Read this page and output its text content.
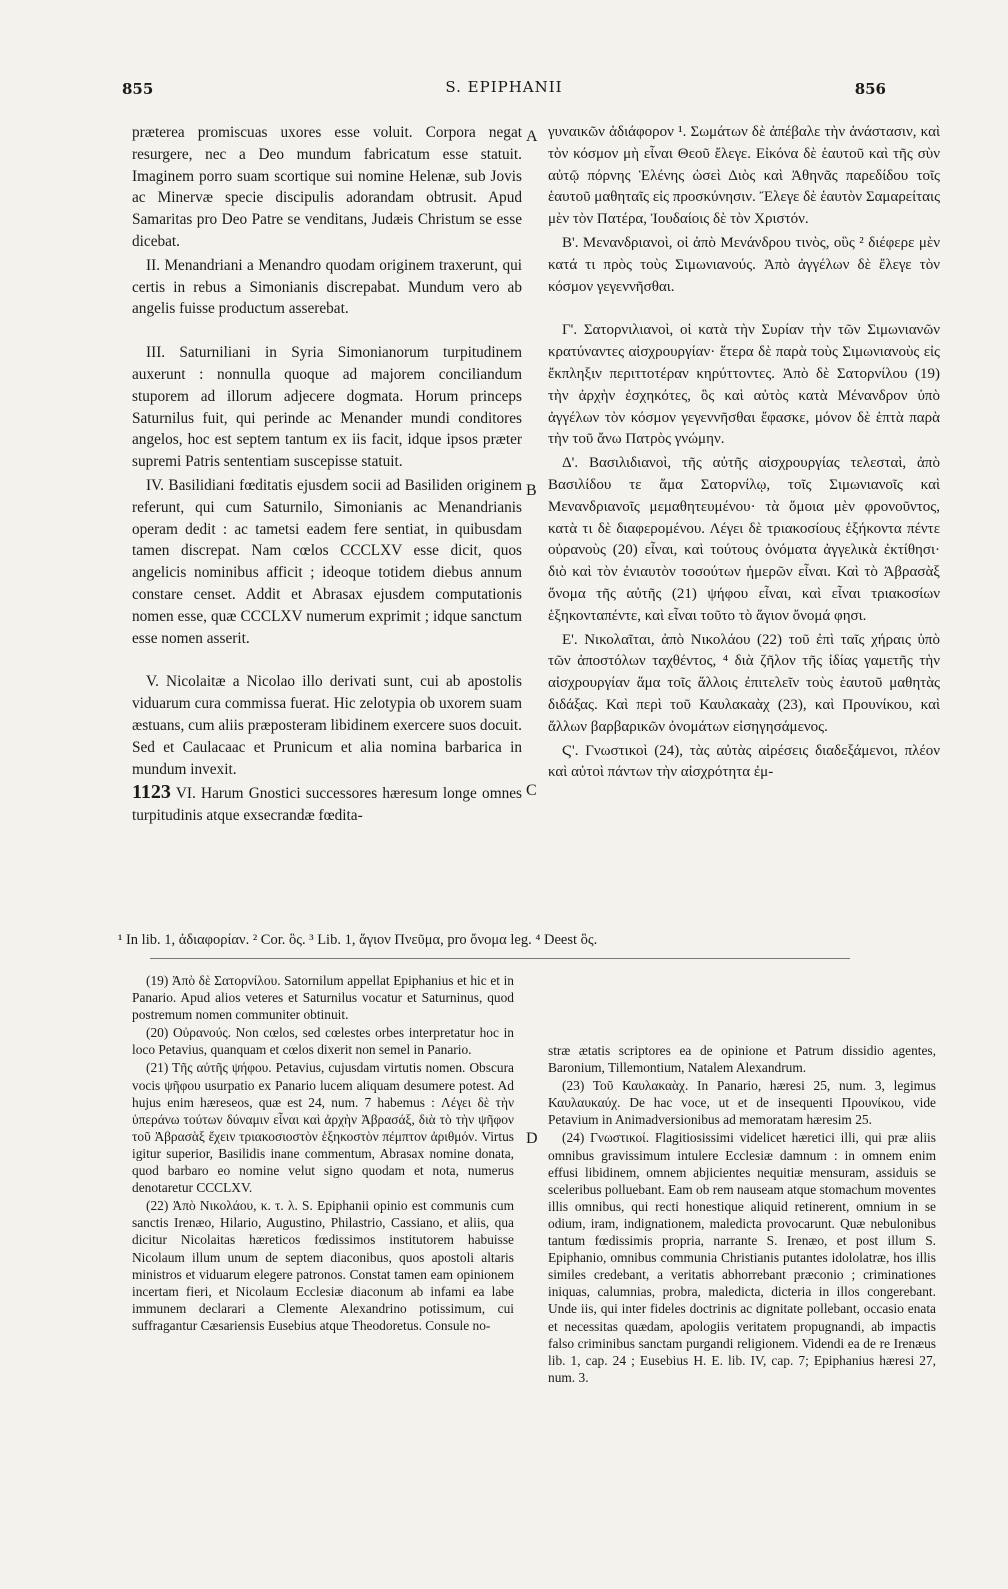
855	S. EPIPHANII	856

præterea promiscuas uxores esse voluit. Corpora negat resurgere, nec a Deo mundum fabricatum esse statuit. Imaginem porro suam scortique sui nomine Helenæ, sub Jovis ac Minervæ specie discipulis adorandam obtrusit. Apud Samaritas pro Deo Patre se venditans, Judæis Christum se esse dicebat.

II. Menandriani a Menandro quodam originem traxerunt, qui certis in rebus a Simonianis discrepabat. Mundum vero ab angelis fuisse productum asserebat.

III. Saturniliani in Syria Simonianorum turpitudinem auxerunt : nonnulla quoque ad majorem conciliandum stuporem ad illorum adjecere dogmata. Horum princeps Saturnilus fuit, qui perinde ac Menander mundi conditores angelos, hoc est septem tantum ex iis facit, idque ipsos præter supremi Patris sententiam suscepisse statuit.

IV. Basilidiani fœditatis ejusdem socii ad Basiliden originem referunt, qui cum Saturnilo, Simonianis ac Menandrianis operam dedit : ac tametsi eadem fere sentiat, in quibusdam tamen discrepat. Nam cœlos CCCLXV esse dicit, quos angelicis nominibus afficit ; ideoque totidem diebus annum constare censet. Addit et Abrasax ejusdem computationis nomen esse, quæ CCCLXV numerum exprimit ; idque sanctum esse nomen asserit.

V. Nicolaitæ a Nicolao illo derivati sunt, cui ab apostolis viduarum cura commissa fuerat. Hic zelotypia ob uxorem suam æstuans, cum aliis præposteram libidinem exercere suos docuit. Sed et Caulacaac et Prunicum et alia nomina barbarica in mundum invexit.

1123 VI. Harum Gnostici successores hæresum longe omnes turpitudinis atque exsecrandæ fœdita-

A
B
C
D

γυναικῶν ἀδιάφορον ¹. Σωμάτων δὲ ἀπέβαλε τὴν ἀνάστασιν, καὶ τὸν κόσμον μὴ εἶναι Θεοῦ ἔλεγε. Εἰκόνα δὲ ἑαυτοῦ καὶ τῆς σὺν αὐτῷ πόρνης Ἑλένης ὡσεὶ Διὸς καὶ Ἀθηνᾶς παρεδίδου τοῖς ἑαυτοῦ μαθηταῖς εἰς προσκύνησιν. Ἔλεγε δὲ ἑαυτὸν Σαμαρείταις μὲν τὸν Πατέρα, Ἰουδαίοις δὲ τὸν Χριστόν.

Β'. Μενανδριανοὶ, οἱ ἀπὸ Μενάνδρου τινὸς, οὓς ² διέφερε μὲν κατά τι πρὸς τοὺς Σιμωνιανούς. Ἀπὸ ἀγγέλων δὲ ἔλεγε τὸν κόσμον γεγεννῆσθαι.

Γ'. Σατορνιλιανοὶ, οἱ κατὰ τὴν Συρίαν τὴν τῶν Σιμωνιανῶν κρατύναντες αἰσχρουργίαν· ἕτερα δὲ παρὰ τοὺς Σιμωνιανοὺς εἰς ἔκπληξιν περιττοτέραν κηρύττοντες. Ἀπὸ δὲ Σατορνίλου (19) τὴν ἀρχὴν ἐσχηκότες, ὃς καὶ αὐτὸς κατὰ Μένανδρον ὑπὸ ἀγγέλων τὸν κόσμον γεγεννῆσθαι ἔφασκε, μόνον δὲ ἑπτὰ παρὰ τὴν τοῦ ἄνω Πατρὸς γνώμην.

Δ'. Βασιλιδιανοὶ, τῆς αὐτῆς αἰσχρουργίας τελεσταὶ, ἀπὸ Βασιλίδου τε ἅμα Σατορνίλῳ, τοῖς Σιμωνιανοῖς καὶ Μενανδριανοῖς μεμαθητευμένου· τὰ ὅμοια μὲν φρονοῦντος, κατὰ τι δὲ διαφερομένου. Λέγει δὲ τριακοσίους ἑξήκοντα πέντε οὐρανοὺς (20) εἶναι, καὶ τούτους ὀνόματα ἀγγελικὰ ἐκτίθησι· διὸ καὶ τὸν ἐνιαυτὸν τοσούτων ἡμερῶν εἶναι. Καὶ τὸ Ἀβρασὰξ ὄνομα τῆς αὐτῆς (21) ψήφου εἶναι, καὶ εἶναι τριακοσίων ἑξηκονταπέντε, καὶ εἶναι τοῦτο τὸ ἅγιον ὄνομά φησι.

Ε'. Νικολαῖται, ἀπὸ Νικολάου (22) τοῦ ἐπὶ ταῖς χήραις ὑπὸ τῶν ἀποστόλων ταχθέντος, ⁴ διὰ ζῆλον τῆς ἰδίας γαμετῆς τὴν αἰσχρουργίαν ἅμα τοῖς ἄλλοις ἐπιτελεῖν τοὺς ἑαυτοῦ μαθητὰς διδάξας. Καὶ περὶ τοῦ Καυλακαὰχ (23), καὶ Προυνίκου, καὶ ἄλλων βαρβαρικῶν ὀνομάτων εἰσηγησάμενος.

Ϛ'. Γνωστικοὶ (24), τὰς αὐτὰς αἱρέσεις διαδεξάμενοι, πλέον καὶ αὐτοὶ πάντων τὴν αἰσχρότητα ἐμ-

¹ In lib. 1, ἀδιαφορίαν. ² Cor. ὃς. ³ Lib. 1, ἅγιον Πνεῦμα, pro ὄνομα leg. ⁴ Deest ὃς.

(19) Ἀπὸ δὲ Σατορνίλου. Satornilum appellat Epiphanius et hic et in Panario. Apud alios veteres et Saturnilus vocatur et Saturninus, quod postremum nomen communiter obtinuit.

(20) Οὐρανούς. Non cœlos, sed cœlestes orbes interpretatur hoc in loco Petavius, quanquam et cœlos dixerit non semel in Panario.

(21) Τῆς αὐτῆς ψήφου. Petavius, cujusdam virtutis nomen. Obscura vocis ψῆφου usurpatio ex Panario lucem aliquam desumere potest. Ad hujus enim hæreseos, quæ est 24, num. 7 habemus : Λέγει δὲ τὴν ὑπεράνω τούτων δύναμιν εἶναι καὶ ἀρχὴν Ἀβρασάξ, διὰ τὸ τὴν ψῆφον τοῦ Ἀβρασὰξ ἔχειν τριακοσιοστὸν ἑξηκοστὸν πέμπτον ἀριθμόν. Virtus igitur superior, Basilidis inane commentum, Abrasax nomine donata, quod barbaro eo nomine velut signo quodam et nota, numerus denotaretur CCCLXV.

(22) Ἀπὸ Νικολάου, κ. τ. λ. S. Epiphanii opinio est communis cum sanctis Irenæo, Hilario, Augustino, Philastrio, Cassiano, et aliis, qua dicitur Nicolaitas hæreticos fœdissimos institutorem habuisse Nicolaum illum unum de septem diaconibus, quos apostoli altaris ministros et viduarum elegere patronos. Constat tamen eam opinionem incertam fieri, et Nicolaum Ecclesiæ diaconum ab infami ea labe immunem declarari a Clemente Alexandrino potissimum, cui suffragantur Cæsariensis Eusebius atque Theodoretus. Consule no-

stræ ætatis scriptores ea de opinione et Patrum dissidio agentes, Baronium, Tillemontium, Natalem Alexandrum.

(23) Τοῦ Καυλακαὰχ. In Panario, hæresi 25, num. 3, legimus Καυλαυκαύχ. De hac voce, ut et de insequenti Προυνίκου, vide Petavium in Animadversionibus ad memoratam hæresim 25.

(24) Γνωστικοί. Flagitiosissimi videlicet hæretici illi, qui præ aliis omnibus gravissimum intulere Ecclesiæ damnum : in omnem enim effusi libidinem, omnem abjicientes nequitiæ mensuram, assiduis se sceleribus polluebant. Eam ob rem nauseam atque stomachum moventes illis omnibus, qui recti honestique aliquid retinerent, omnium in se odium, iram, indignationem, maledicta provocarunt. Quæ nebulonibus tantum fœdissimis propria, narrante S. Irenæo, et post illum S. Epiphanio, omnibus communia Christianis putantes idololatræ, hos illis similes credebant, a veritatis abhorrebant præconio ; criminationes iniquas, calumnias, probra, maledicta, dicteria in illos congerebant. Unde iis, qui inter fideles doctrinis ac dignitate pollebant, occasio enata et necessitas quædam, apologiis veritatem propugnandi, ab impactis falso criminibus sanctam purgandi religionem. Videndi ea de re Irenæus lib. 1, cap. 24 ; Eusebius H. E. lib. IV, cap. 7; Epiphanius hæresi 27, num. 3.
